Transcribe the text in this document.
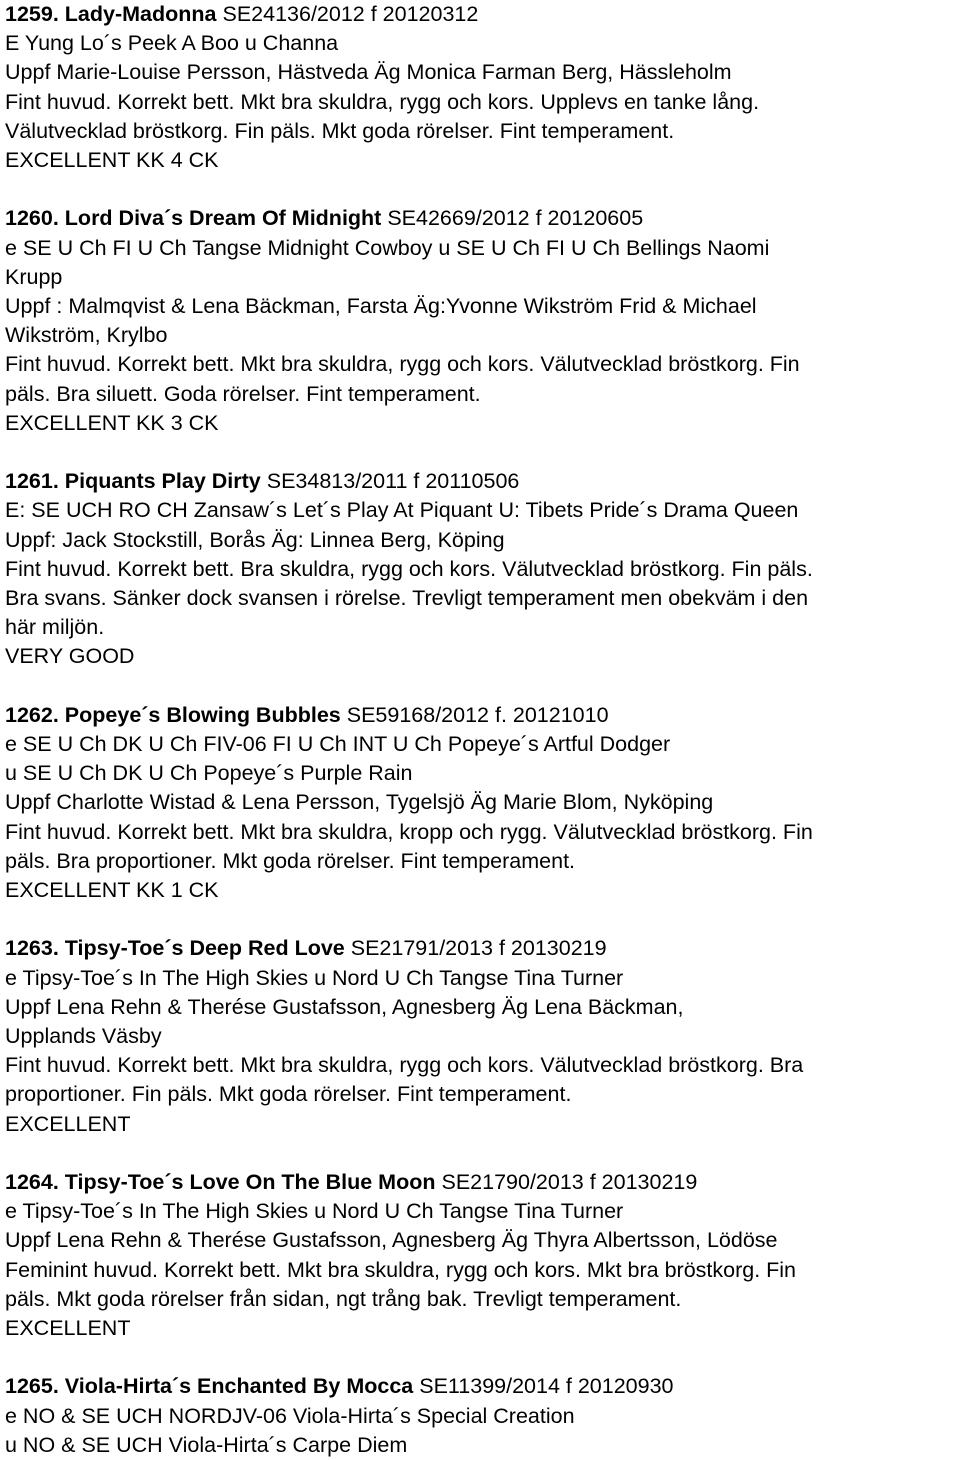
1259. Lady-Madonna SE24136/2012 f 20120312
E Yung Lo´s Peek A Boo u Channa
Uppf Marie-Louise Persson, Hästveda Äg Monica Farman Berg, Hässleholm
Fint huvud. Korrekt bett. Mkt bra skuldra, rygg och kors. Upplevs en tanke lång.
Välutvecklad bröstkorg. Fin päls. Mkt goda rörelser. Fint temperament.
EXCELLENT KK 4 CK
1260. Lord Diva´s Dream Of Midnight SE42669/2012 f 20120605
e SE U Ch FI U Ch Tangse Midnight Cowboy u SE U Ch FI U Ch Bellings Naomi
Krupp
Uppf : Malmqvist & Lena Bäckman, Farsta Äg:Yvonne Wikström Frid & Michael
Wikström, Krylbo
Fint huvud. Korrekt bett. Mkt bra skuldra, rygg och kors. Välutvecklad bröstkorg. Fin
päls. Bra siluett. Goda rörelser. Fint temperament.
EXCELLENT KK 3 CK
1261. Piquants Play Dirty SE34813/2011 f 20110506
E: SE UCH RO CH Zansaw´s Let´s Play At Piquant U: Tibets Pride´s Drama Queen
Uppf: Jack Stockstill, Borås Äg: Linnea Berg, Köping
Fint huvud. Korrekt bett. Bra skuldra, rygg och kors. Välutvecklad bröstkorg. Fin päls.
Bra svans. Sänker dock svansen i rörelse. Trevligt temperament men obekväm i den
här miljön.
VERY GOOD
1262. Popeye´s Blowing Bubbles SE59168/2012 f. 20121010
e SE U Ch DK U Ch FIV-06 FI U Ch INT U Ch Popeye´s Artful Dodger
u SE U Ch DK U Ch Popeye´s Purple Rain
Uppf Charlotte Wistad & Lena Persson, Tygelsjö Äg Marie Blom, Nyköping
Fint huvud. Korrekt bett. Mkt bra skuldra, kropp och rygg. Välutvecklad bröstkorg. Fin
päls. Bra proportioner. Mkt goda rörelser. Fint temperament.
EXCELLENT KK 1 CK
1263. Tipsy-Toe´s Deep Red Love SE21791/2013 f 20130219
e Tipsy-Toe´s In The High Skies u Nord U Ch Tangse Tina Turner
Uppf Lena Rehn & Therése Gustafsson, Agnesberg Äg Lena Bäckman,
Upplands Väsby
Fint huvud. Korrekt bett. Mkt bra skuldra, rygg och kors. Välutvecklad bröstkorg. Bra
proportioner. Fin päls. Mkt goda rörelser. Fint temperament.
EXCELLENT
1264. Tipsy-Toe´s Love On The Blue Moon SE21790/2013 f 20130219
e Tipsy-Toe´s In The High Skies u Nord U Ch Tangse Tina Turner
Uppf Lena Rehn & Therése Gustafsson, Agnesberg Äg Thyra Albertsson, Lödöse
Feminint huvud. Korrekt bett. Mkt bra skuldra, rygg och kors. Mkt bra bröstkorg. Fin
päls. Mkt goda rörelser från sidan, ngt trång bak. Trevligt temperament.
EXCELLENT
1265. Viola-Hirta´s Enchanted By Mocca SE11399/2014 f 20120930
e NO & SE UCH NORDJV-06 Viola-Hirta´s Special Creation
u NO & SE UCH Viola-Hirta´s Carpe Diem
